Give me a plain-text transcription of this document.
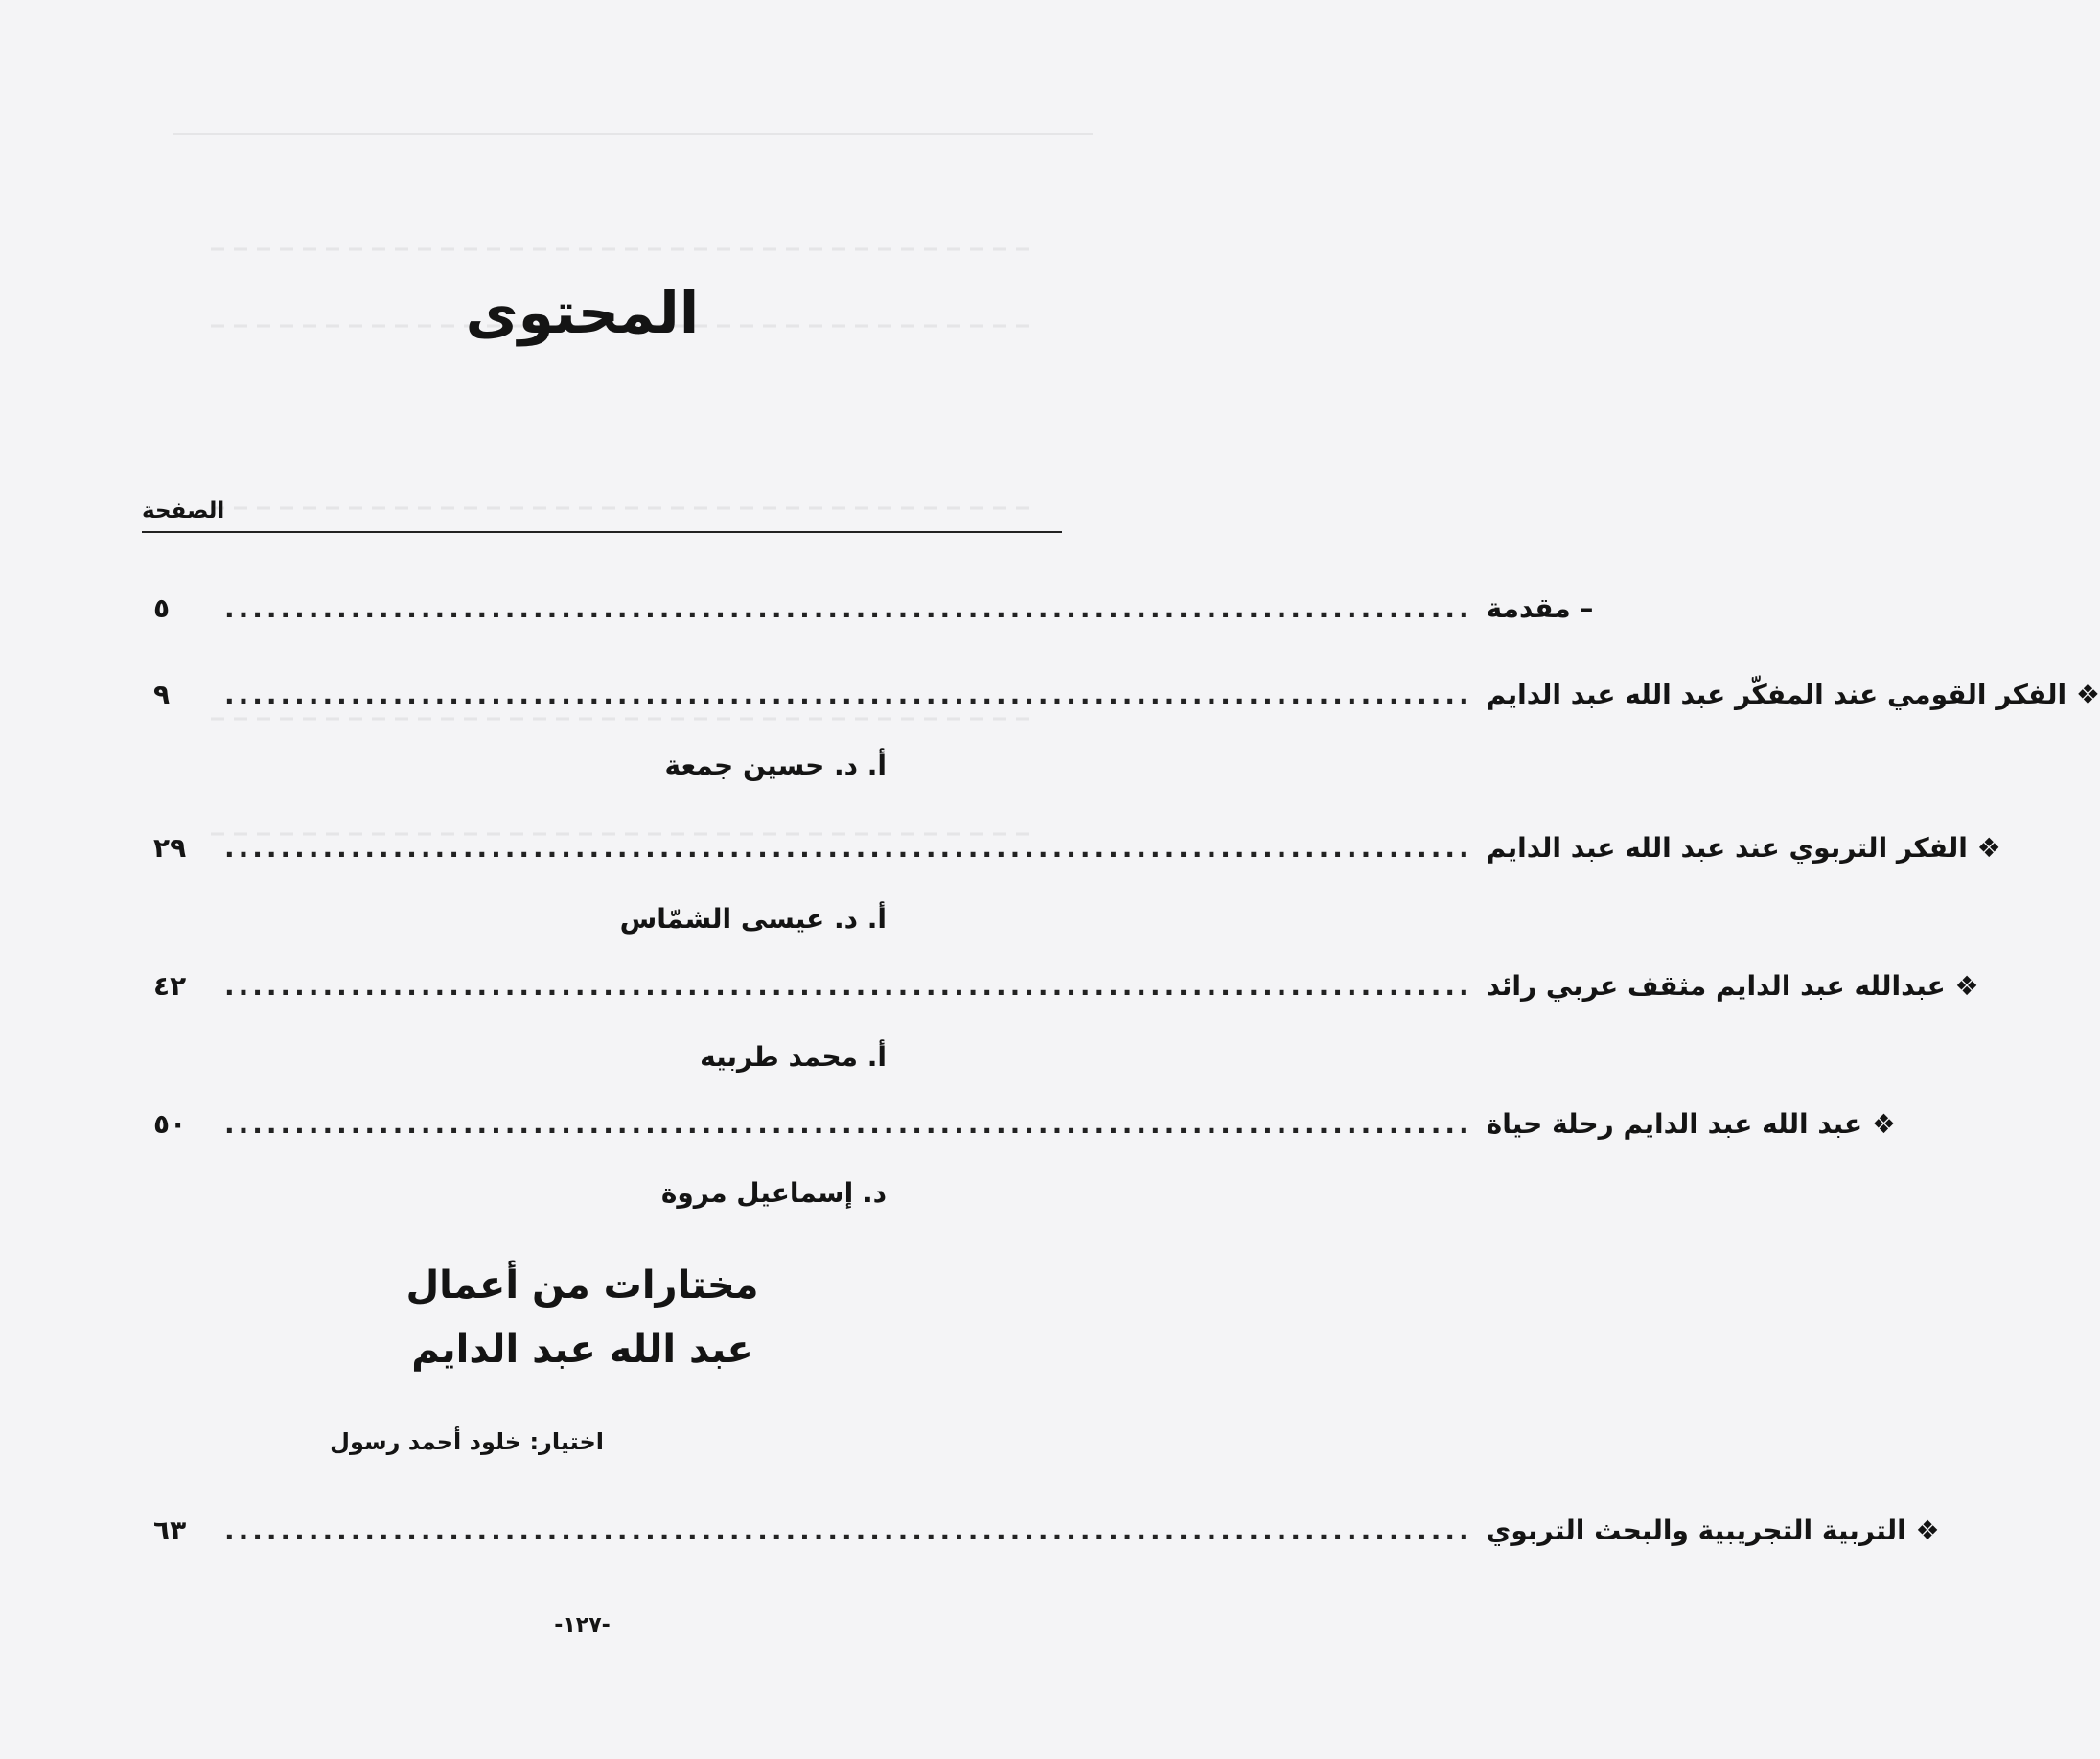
المحتوى
الصفحة
٥	......................................................................................... – مقدمة
٩	......................................................................................... ❖ الفكر القومي عند المفكّر عبد الله عبد الدايم
أ. د. حسين جمعة
٢٩	......................................................................................... ❖ الفكر التربوي عند عبد الله عبد الدايم
أ. د. عيسى الشمّاس
٤٢	......................................................................................... ❖ عبدالله عبد الدايم مثقف عربي رائد
أ. محمد طربيه
٥٠	......................................................................................... ❖ عبد الله عبد الدايم رحلة حياة
د. إسماعيل مروة
مختارات من أعمال
عبد الله عبد الدايم
اختيار: خلود أحمد رسول
٦٣	......................................................................................... ❖ التربية التجريبية والبحث التربوي
-١٢٧-
